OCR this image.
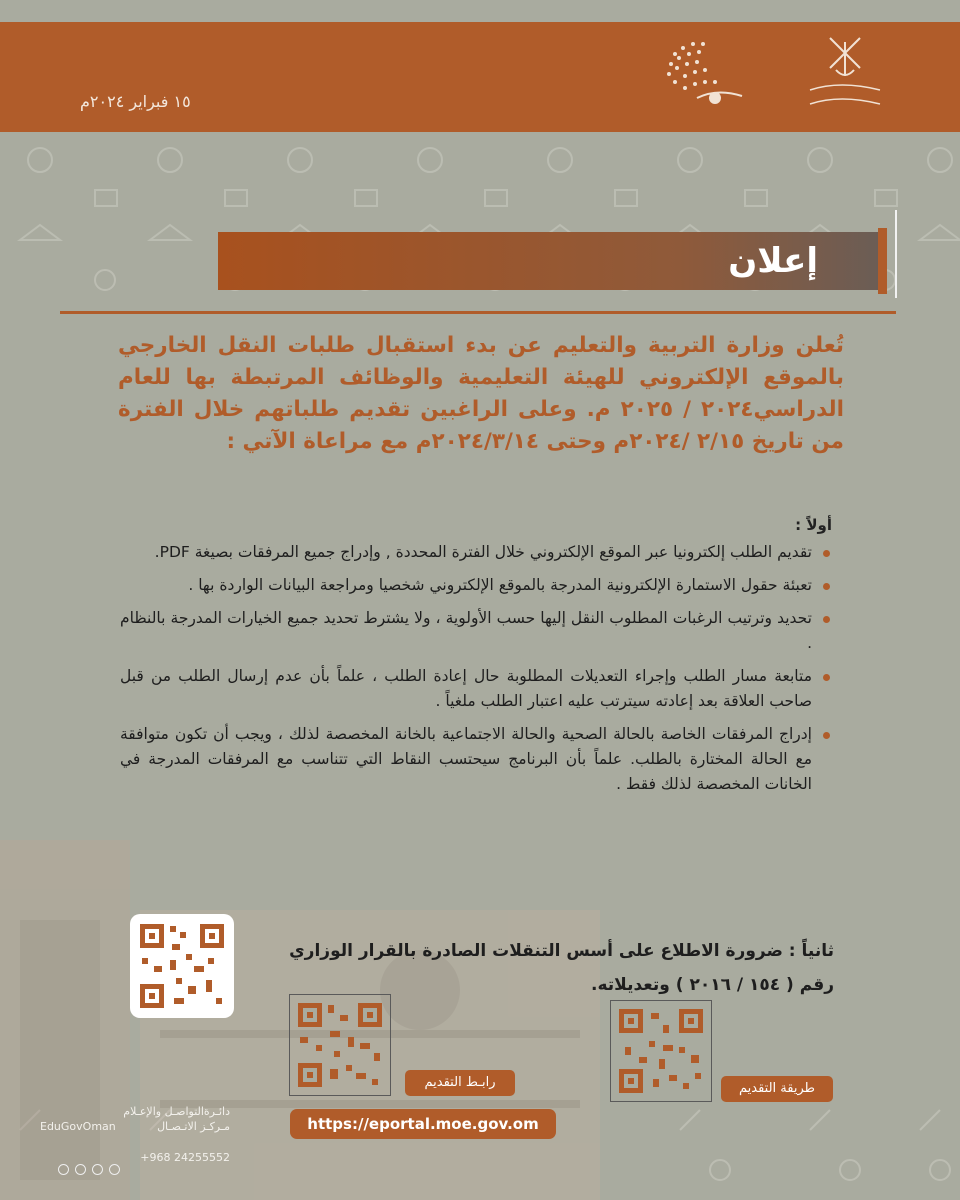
١٥ فبراير ٢٠٢٤م
إعلان

تُعلن وزارة التربية والتعليم عن بدء استقبال طلبات النقل الخارجي بالموقع الإلكتروني للهيئة التعليمية والوظائف المرتبطة بها للعام الدراسي٢٠٢٤ / ٢٠٢٥ م. وعلى الراغبين تقديم طلباتهم خلال الفترة من تاريخ ٢/١٥ /٢٠٢٤م وحتى ٢٠٢٤/٣/١٤م مع مراعاة الآتي :

أولاً :
تقديم الطلب إلكترونيا عبر الموقع الإلكتروني خلال الفترة المحددة , وإدراج جميع المرفقات بصيغة PDF.
تعبئة حقول الاستمارة الإلكترونية المدرجة بالموقع الإلكتروني شخصيا ومراجعة البيانات الواردة بها .
تحديد وترتيب الرغبات المطلوب النقل إليها حسب الأولوية ، ولا يشترط تحديد جميع الخيارات المدرجة بالنظام .
متابعة مسار الطلب وإجراء التعديلات المطلوبة حال إعادة الطلب ، علماً بأن عدم إرسال الطلب من قبل صاحب العلاقة بعد إعادته سيترتب عليه اعتبار الطلب ملغياً .
إدراج المرفقات الخاصة بالحالة الصحية والحالة الاجتماعية بالخانة المخصصة لذلك ، ويجب أن تكون متوافقة مع الحالة المختارة بالطلب. علماً بأن البرنامج سيحتسب النقاط التي تتناسب مع المرفقات المدرجة في الخانات المخصصة لذلك فقط .

ثانياً : ضرورة الاطلاع على أسس التنقلات الصادرة بالقرار الوزاري رقم ( ١٥٤ / ٢٠١٦ ) وتعديلاته.

رابـط التقديم	طريقة التقديم
https://eportal.moe.gov.om
دائـرةالتواصـل والإعـلام
EduGovOman	مـركـز الاتـصـال
+968 24255552
